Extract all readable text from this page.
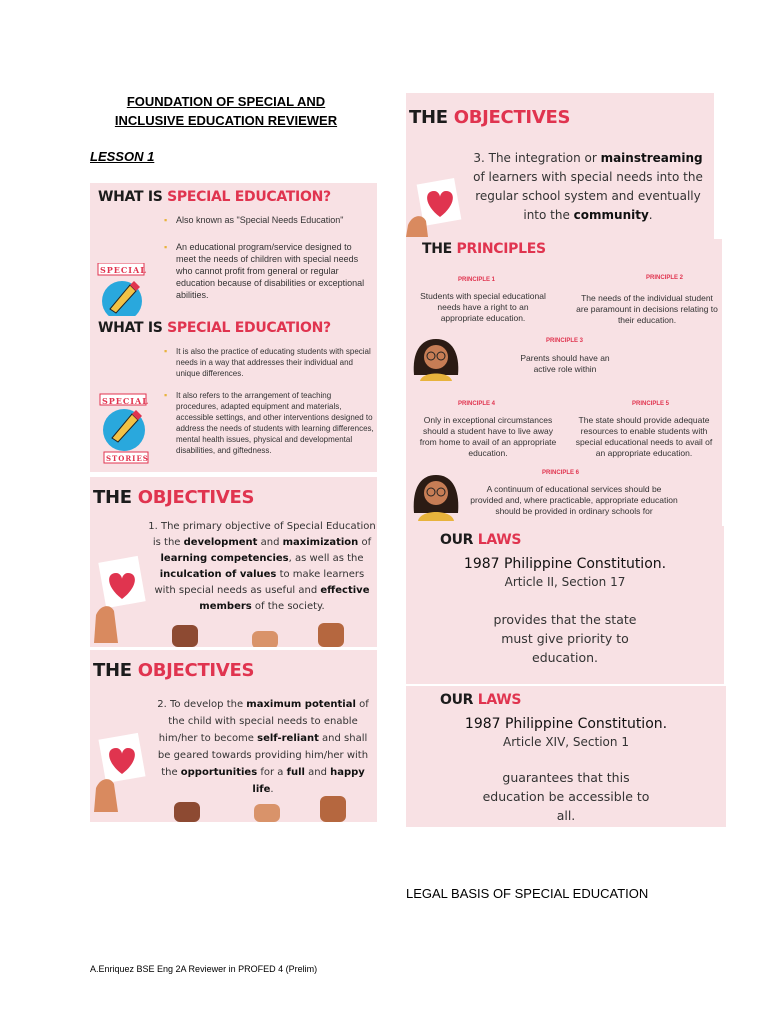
FOUNDATION OF SPECIAL AND
INCLUSIVE EDUCATION REVIEWER
LESSON 1
WHAT IS SPECIAL EDUCATION?
▪ Also known as "Special Needs Education"
▪ An educational program/service designed to meet the needs of children with special needs who cannot profit from general or regular education because of disabilities or exceptional abilities.
SPECIAL
WHAT IS SPECIAL EDUCATION?
▪ It is also the practice of educating students with special needs in a way that addresses their individual and unique differences.
▪ It also refers to the arrangement of teaching procedures, adapted equipment and materials, accessible settings, and other interventions designed to address the needs of students with learning differences, mental health issues, physical and developmental disabilities, and giftedness.
SPECIAL
STORIES
THE OBJECTIVES
1. The primary objective of Special Education is the development and maximization of learning competencies, as well as the inculcation of values to make learners with special needs as useful and effective members of the society.
THE OBJECTIVES
2. To develop the maximum potential of the child with special needs to enable him/her to become self-reliant and shall be geared towards providing him/her with the opportunities for a full and happy life.
THE OBJECTIVES
3. The integration or mainstreaming of learners with special needs into the regular school system and eventually into the community.
THE PRINCIPLES
PRINCIPLE 1
Students with special educational needs have a right to an appropriate education.
PRINCIPLE 2
The needs of the individual student are paramount in decisions relating to their education.
PRINCIPLE 3
Parents should have an active role within
PRINCIPLE 4
Only in exceptional circumstances should a student have to live away from home to avail of an appropriate education.
PRINCIPLE 5
The state should provide adequate resources to enable students with special educational needs to avail of an appropriate education.
PRINCIPLE 6
A continuum of educational services should be provided and, where practicable, appropriate education should be provided in ordinary schools for
OUR LAWS
1987 Philippine Constitution.
Article II, Section 17
provides that the state must give priority to education.
OUR LAWS
1987 Philippine Constitution.
Article XIV, Section 1
guarantees that this education be accessible to all.
LEGAL BASIS OF SPECIAL EDUCATION
A.Enriquez BSE Eng 2A Reviewer in PROFED 4 (Prelim)
